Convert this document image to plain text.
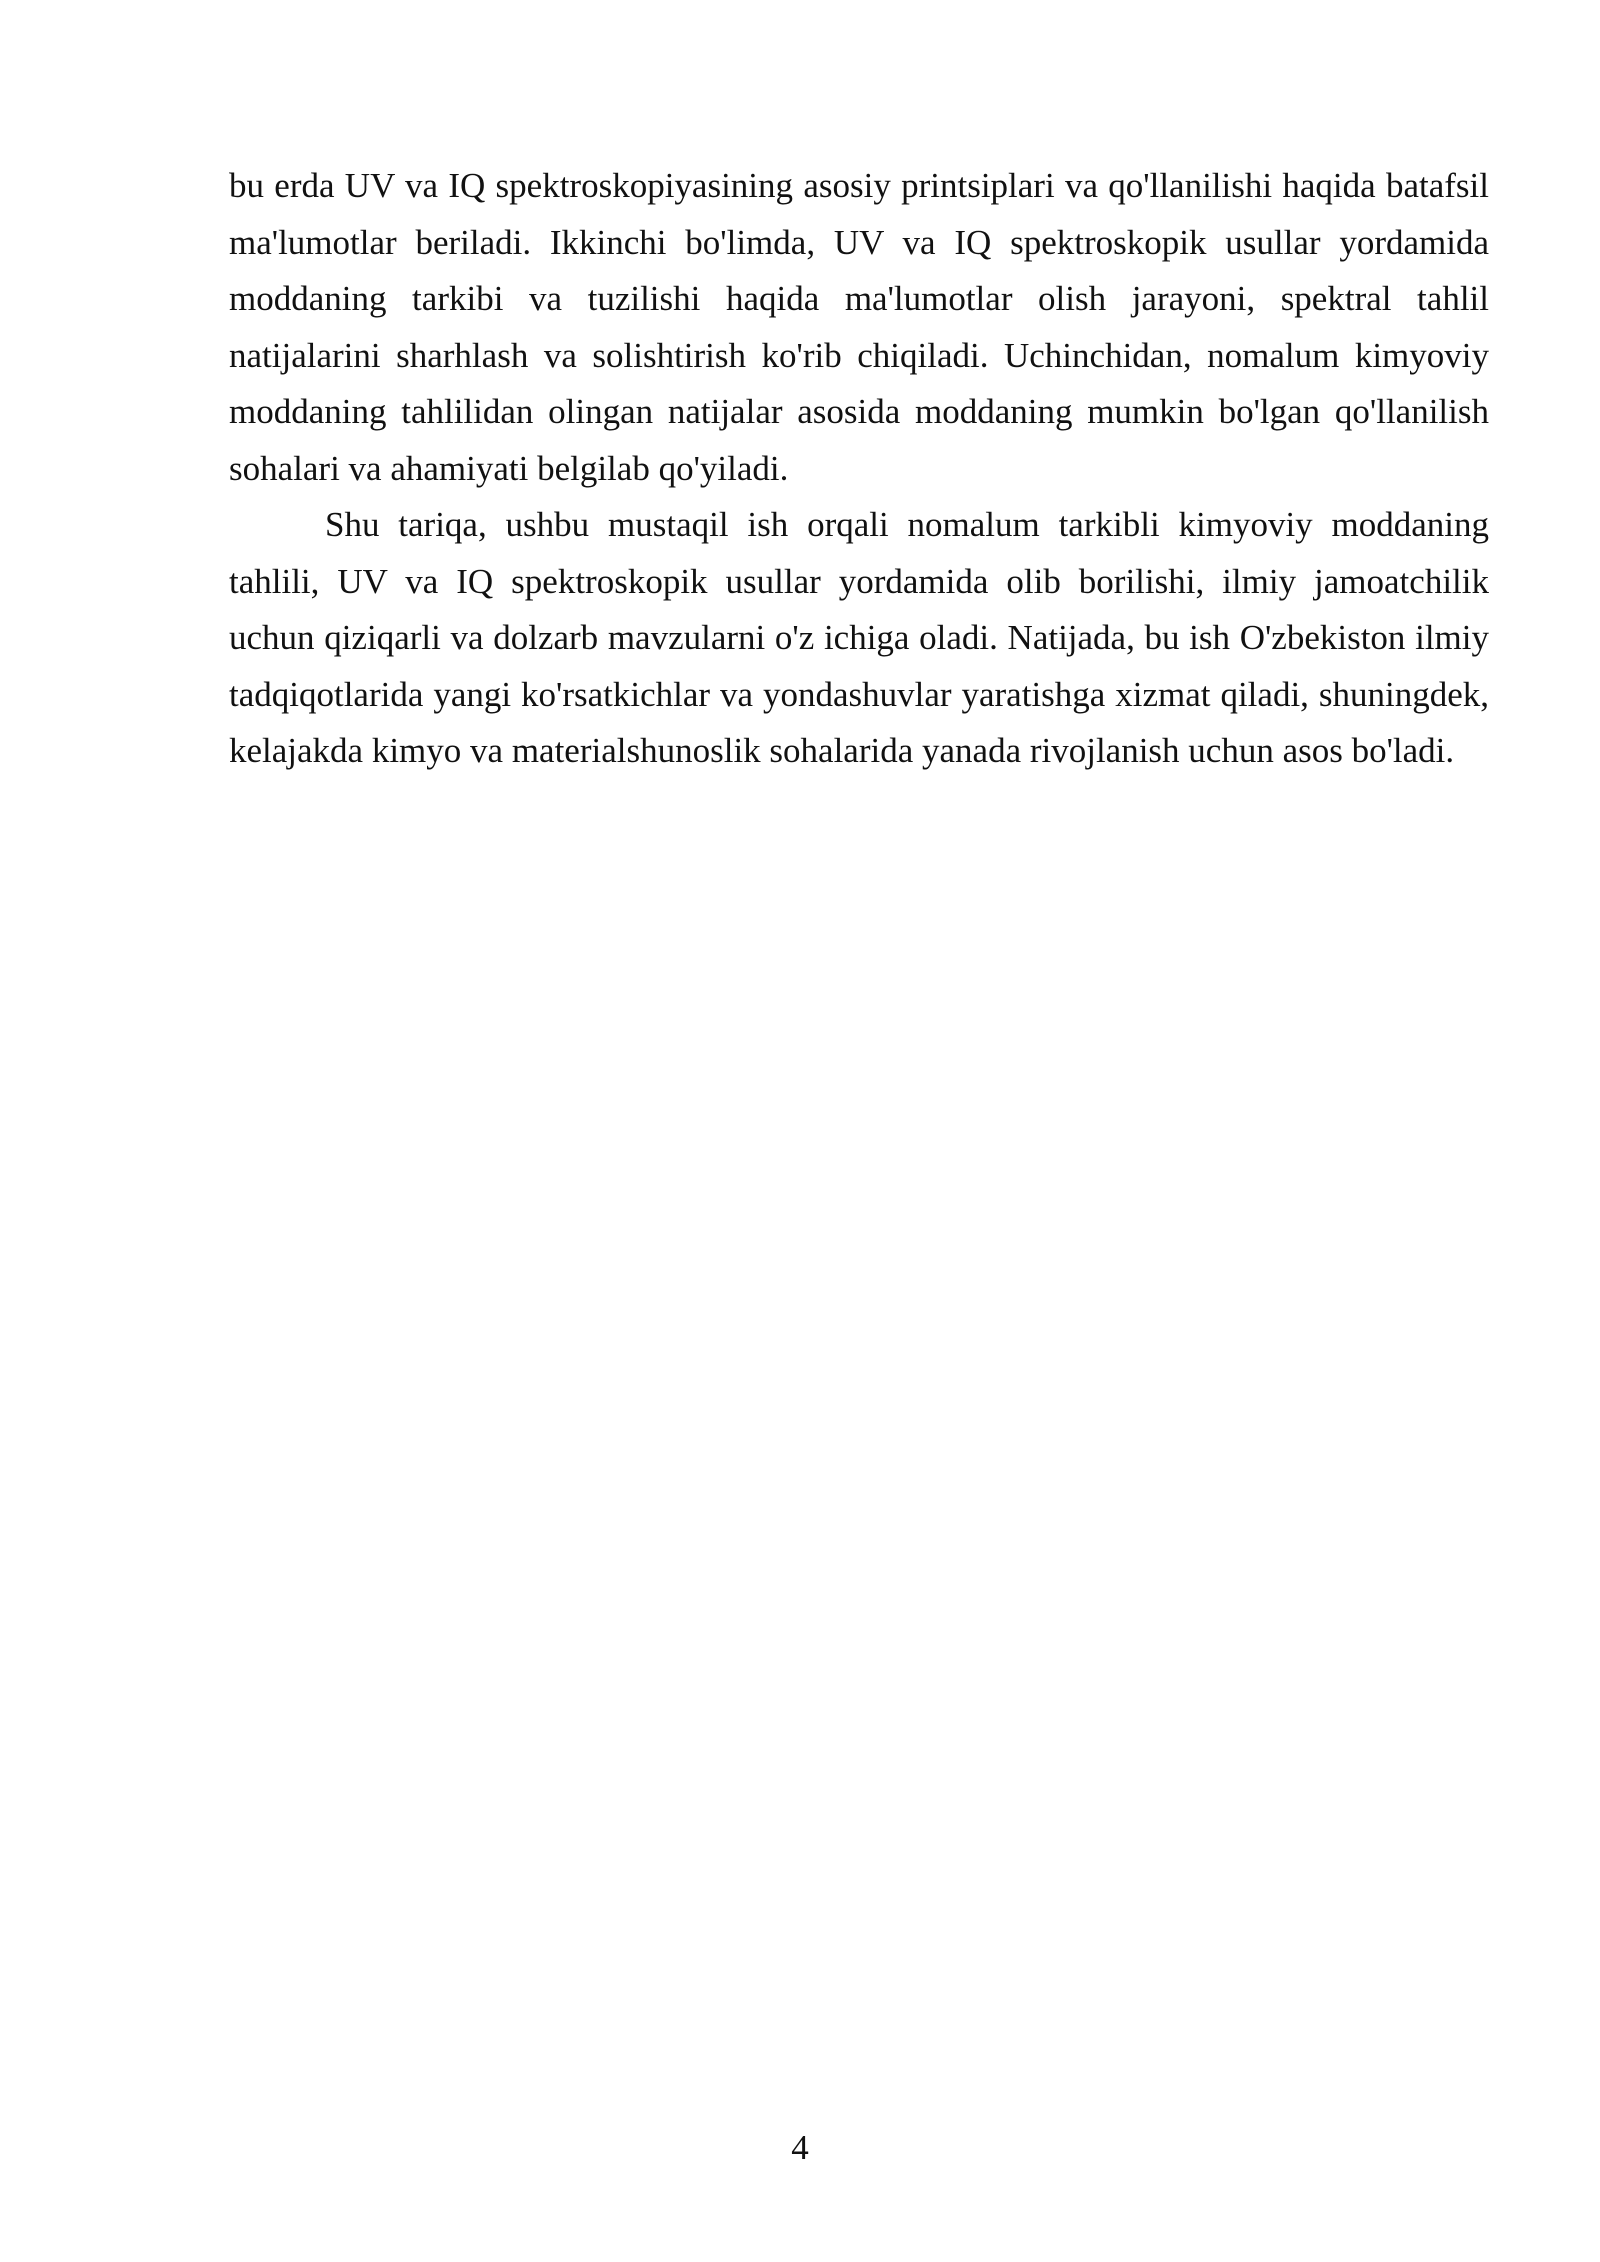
bu erda UV va IQ spektroskopiyasining asosiy printsiplari va qo'llanilishi haqida batafsil ma'lumotlar beriladi. Ikkinchi bo'limda, UV va IQ spektroskopik usullar yordamida moddaning tarkibi va tuzilishi haqida ma'lumotlar olish jarayoni, spektral tahlil natijalarini sharhlash va solishtirish ko'rib chiqiladi. Uchinchidan, nomalum kimyoviy moddaning tahlilidan olingan natijalar asosida moddaning mumkin bo'lgan qo'llanilish sohalari va ahamiyati belgilab qo'yiladi.

Shu tariqa, ushbu mustaqil ish orqali nomalum tarkibli kimyoviy moddaning tahlili, UV va IQ spektroskopik usullar yordamida olib borilishi, ilmiy jamoatchilik uchun qiziqarli va dolzarb mavzularni o'z ichiga oladi. Natijada, bu ish O'zbekiston ilmiy tadqiqotlarida yangi ko'rsatkichlar va yondashuvlar yaratishga xizmat qiladi, shuningdek, kelajakda kimyo va materialshunoslik sohalarida yanada rivojlanish uchun asos bo'ladi.

4
